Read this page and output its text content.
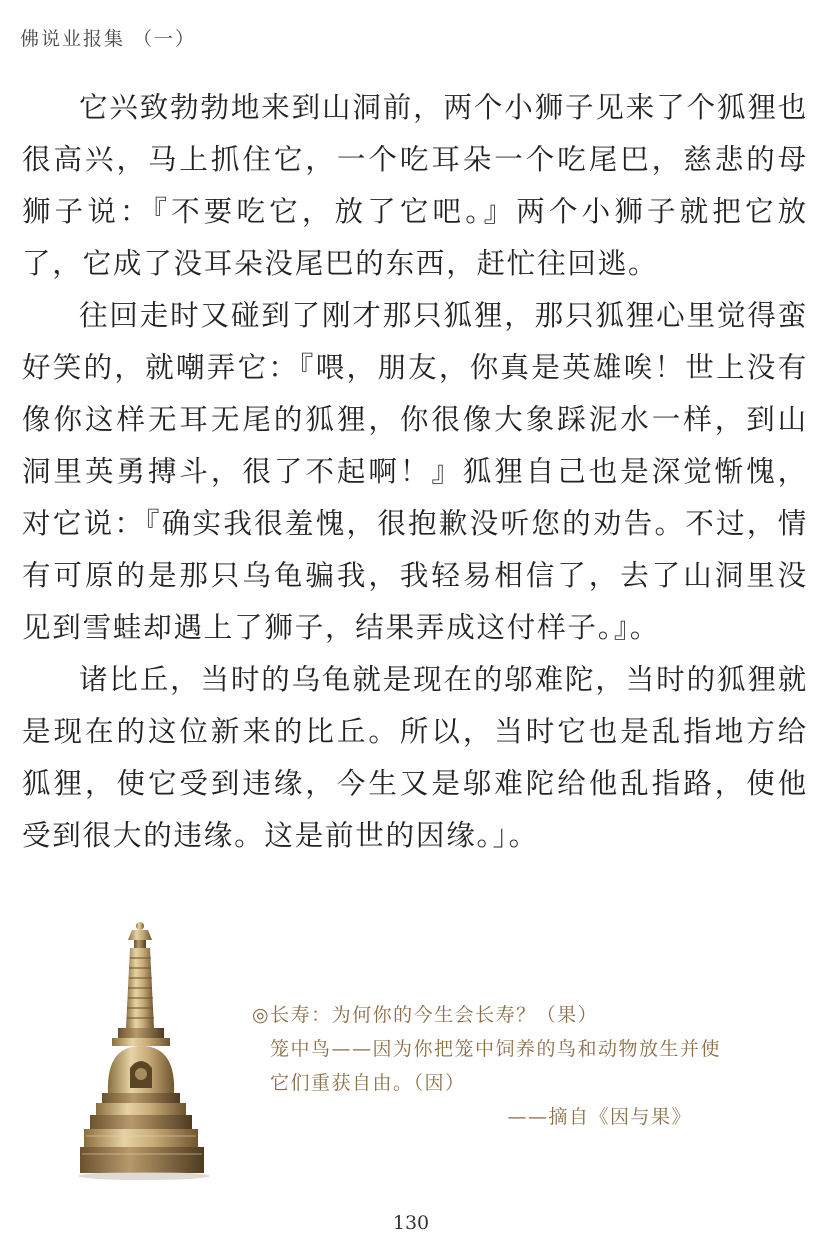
佛说业报集 （一）

它兴致勃勃地来到山洞前，两个小狮子见来了个狐狸也很高兴，马上抓住它，一个吃耳朵一个吃尾巴，慈悲的母狮子说：『不要吃它，放了它吧。』两个小狮子就把它放了，它成了没耳朵没尾巴的东西，赶忙往回逃。

往回走时又碰到了刚才那只狐狸，那只狐狸心里觉得蛮好笑的，就嘲弄它：『喂，朋友，你真是英雄唉！世上没有像你这样无耳无尾的狐狸，你很像大象踩泥水一样，到山洞里英勇搏斗，很了不起啊！』狐狸自己也是深觉惭愧，对它说：『确实我很羞愧，很抱歉没听您的劝告。不过，情有可原的是那只乌龟骗我，我轻易相信了，去了山洞里没见到雪蛙却遇上了狮子，结果弄成这付样子。』。

诸比丘，当时的乌龟就是现在的邬难陀，当时的狐狸就是现在的这位新来的比丘。所以，当时它也是乱指地方给狐狸，使它受到违缘，今生又是邬难陀给他乱指路，使他受到很大的违缘。这是前世的因缘。」。

◎长寿：为何你的今生会长寿？（果）
笼中鸟——因为你把笼中饲养的鸟和动物放生并使
它们重获自由。（因）
——摘自《因与果》
130
